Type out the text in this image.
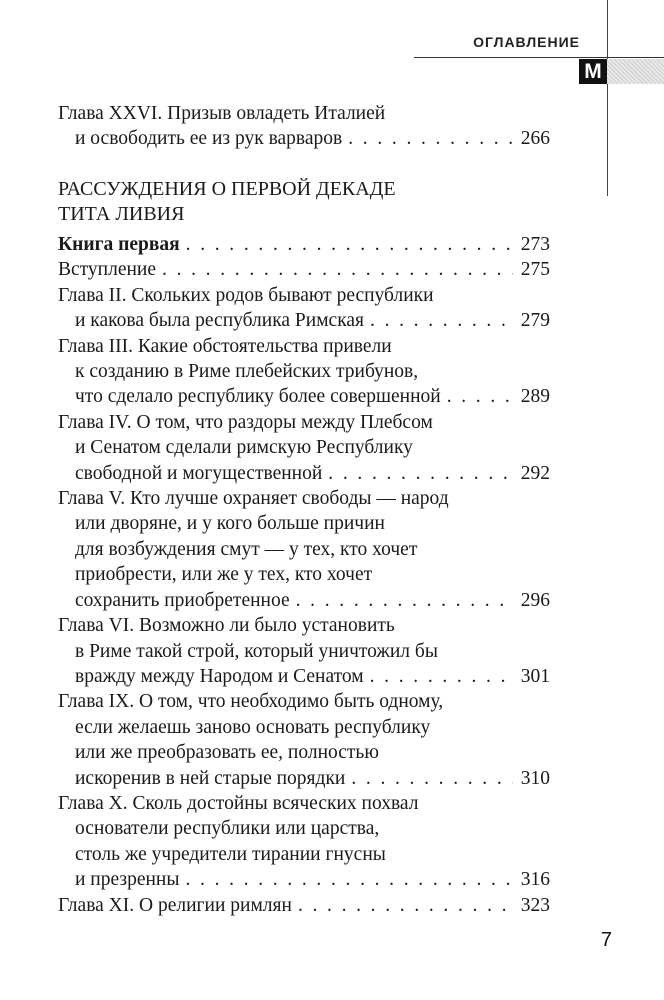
ОГЛАВЛЕНИЕ
М
Глава XXVI. Призыв овладеть Италией
и освободить ее из рук варваров . . .	266
РАССУЖДЕНИЯ О ПЕРВОЙ ДЕКАДЕ
ТИТА ЛИВИЯ
Книга первая . . .	273
Вступление . . .	275
Глава II. Скольких родов бывают республики
и какова была республика Римская . . .	279
Глава III. Какие обстоятельства привели
к созданию в Риме плебейских трибунов,
что сделало республику более совершенной . . .	289
Глава IV. О том, что раздоры между Плебсом
и Сенатом сделали римскую Республику
свободной и могущественной . . .	292
Глава V. Кто лучше охраняет свободы — народ
или дворяне, и у кого больше причин
для возбуждения смут — у тех, кто хочет
приобрести, или же у тех, кто хочет
сохранить приобретенное . . .	296
Глава VI. Возможно ли было установить
в Риме такой строй, который уничтожил бы
вражду между Народом и Сенатом . . .	301
Глава IX. О том, что необходимо быть одному,
если желаешь заново основать республику
или же преобразовать ее, полностью
искоренив в ней старые порядки . . .	310
Глава X. Сколь достойны всяческих похвал
основатели республики или царства,
столь же учредители тирании гнусны
и презренны . . .	316
Глава XI. О религии римлян . . .	323
7
